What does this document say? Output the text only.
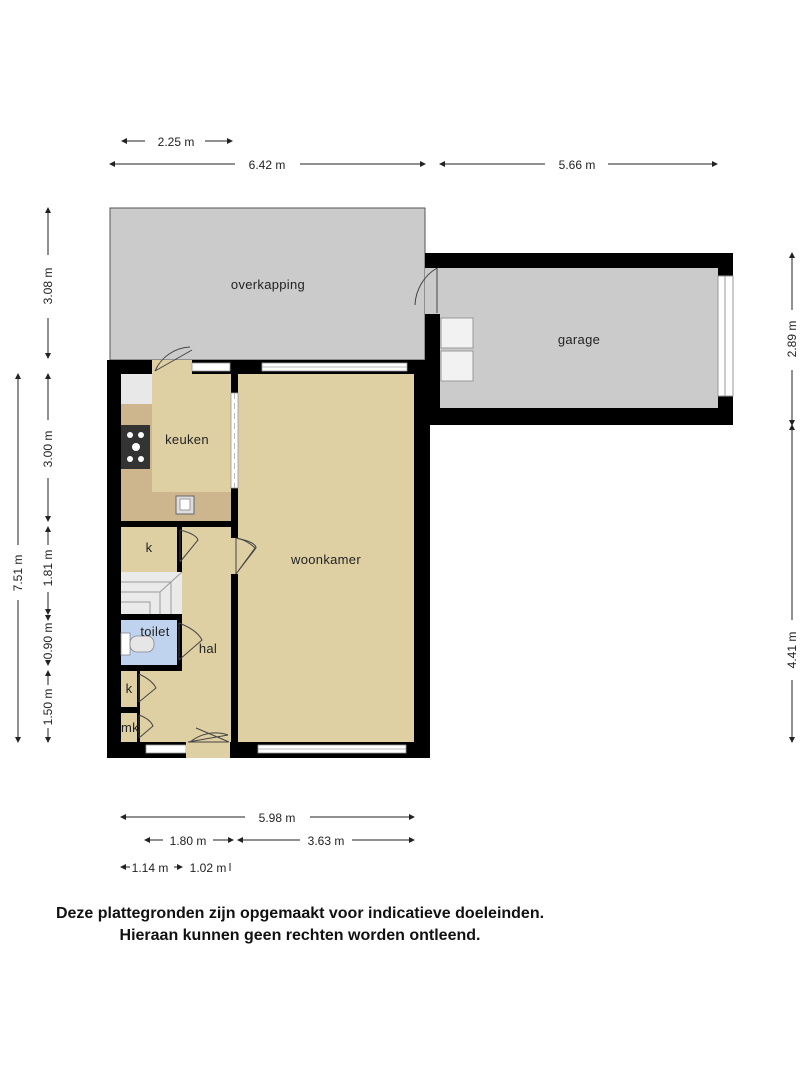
overkapping
garage
keuken
woonkamer
hal
toilet
k
k
mk
2.25 m
6.42 m	5.66 m
3.08 m
7.51 m
3.00 m
1.81 m
0.90 m
1.50 m
2.89 m
4.41 m
5.98 m
1.80 m	3.63 m
1.14 m 1.02 m
Deze plattegronden zijn opgemaakt voor indicatieve doeleinden.
Hieraan kunnen geen rechten worden ontleend.
